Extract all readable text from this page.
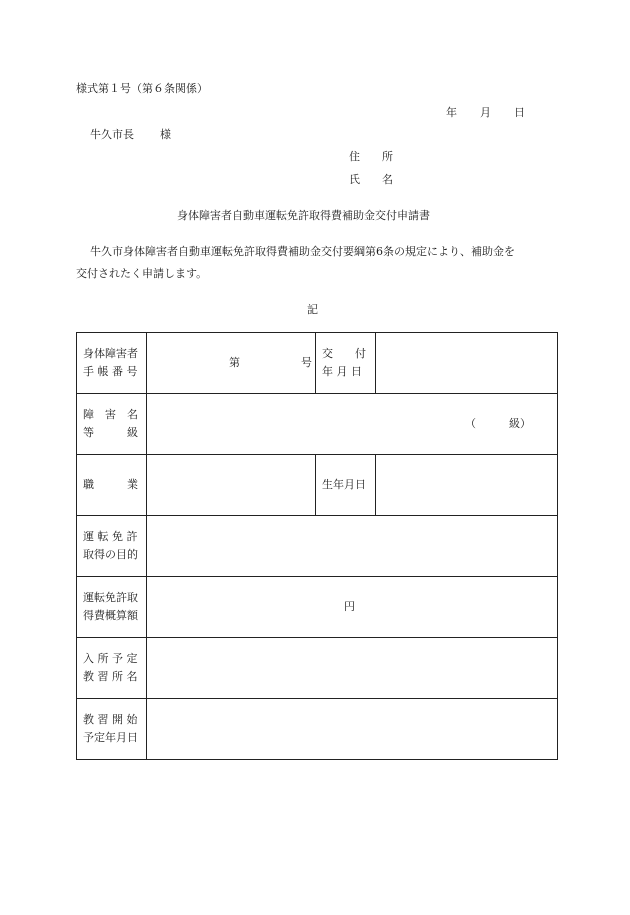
様式第１号（第６条関係）
年 月 日
牛久市長 様
住　　所
氏　　名
身体障害者自動車運転免許取得費補助金交付申請書
牛久市身体障害者自動車運転免許取得費補助金交付要綱第6条の規定により、補助金を
交付されたく申請します。
記
身体障害者
手 帳 番 号	第 号	交　　付
年 月 日	

障　害　名
等　　　級	（　　　級）		

職　　　業		生年月日	

運 転 免 許
取得の目的			

運転免許取
得費概算額	円		

入 所 予 定
教 習 所 名			

教 習 開 始
予定年月日			
